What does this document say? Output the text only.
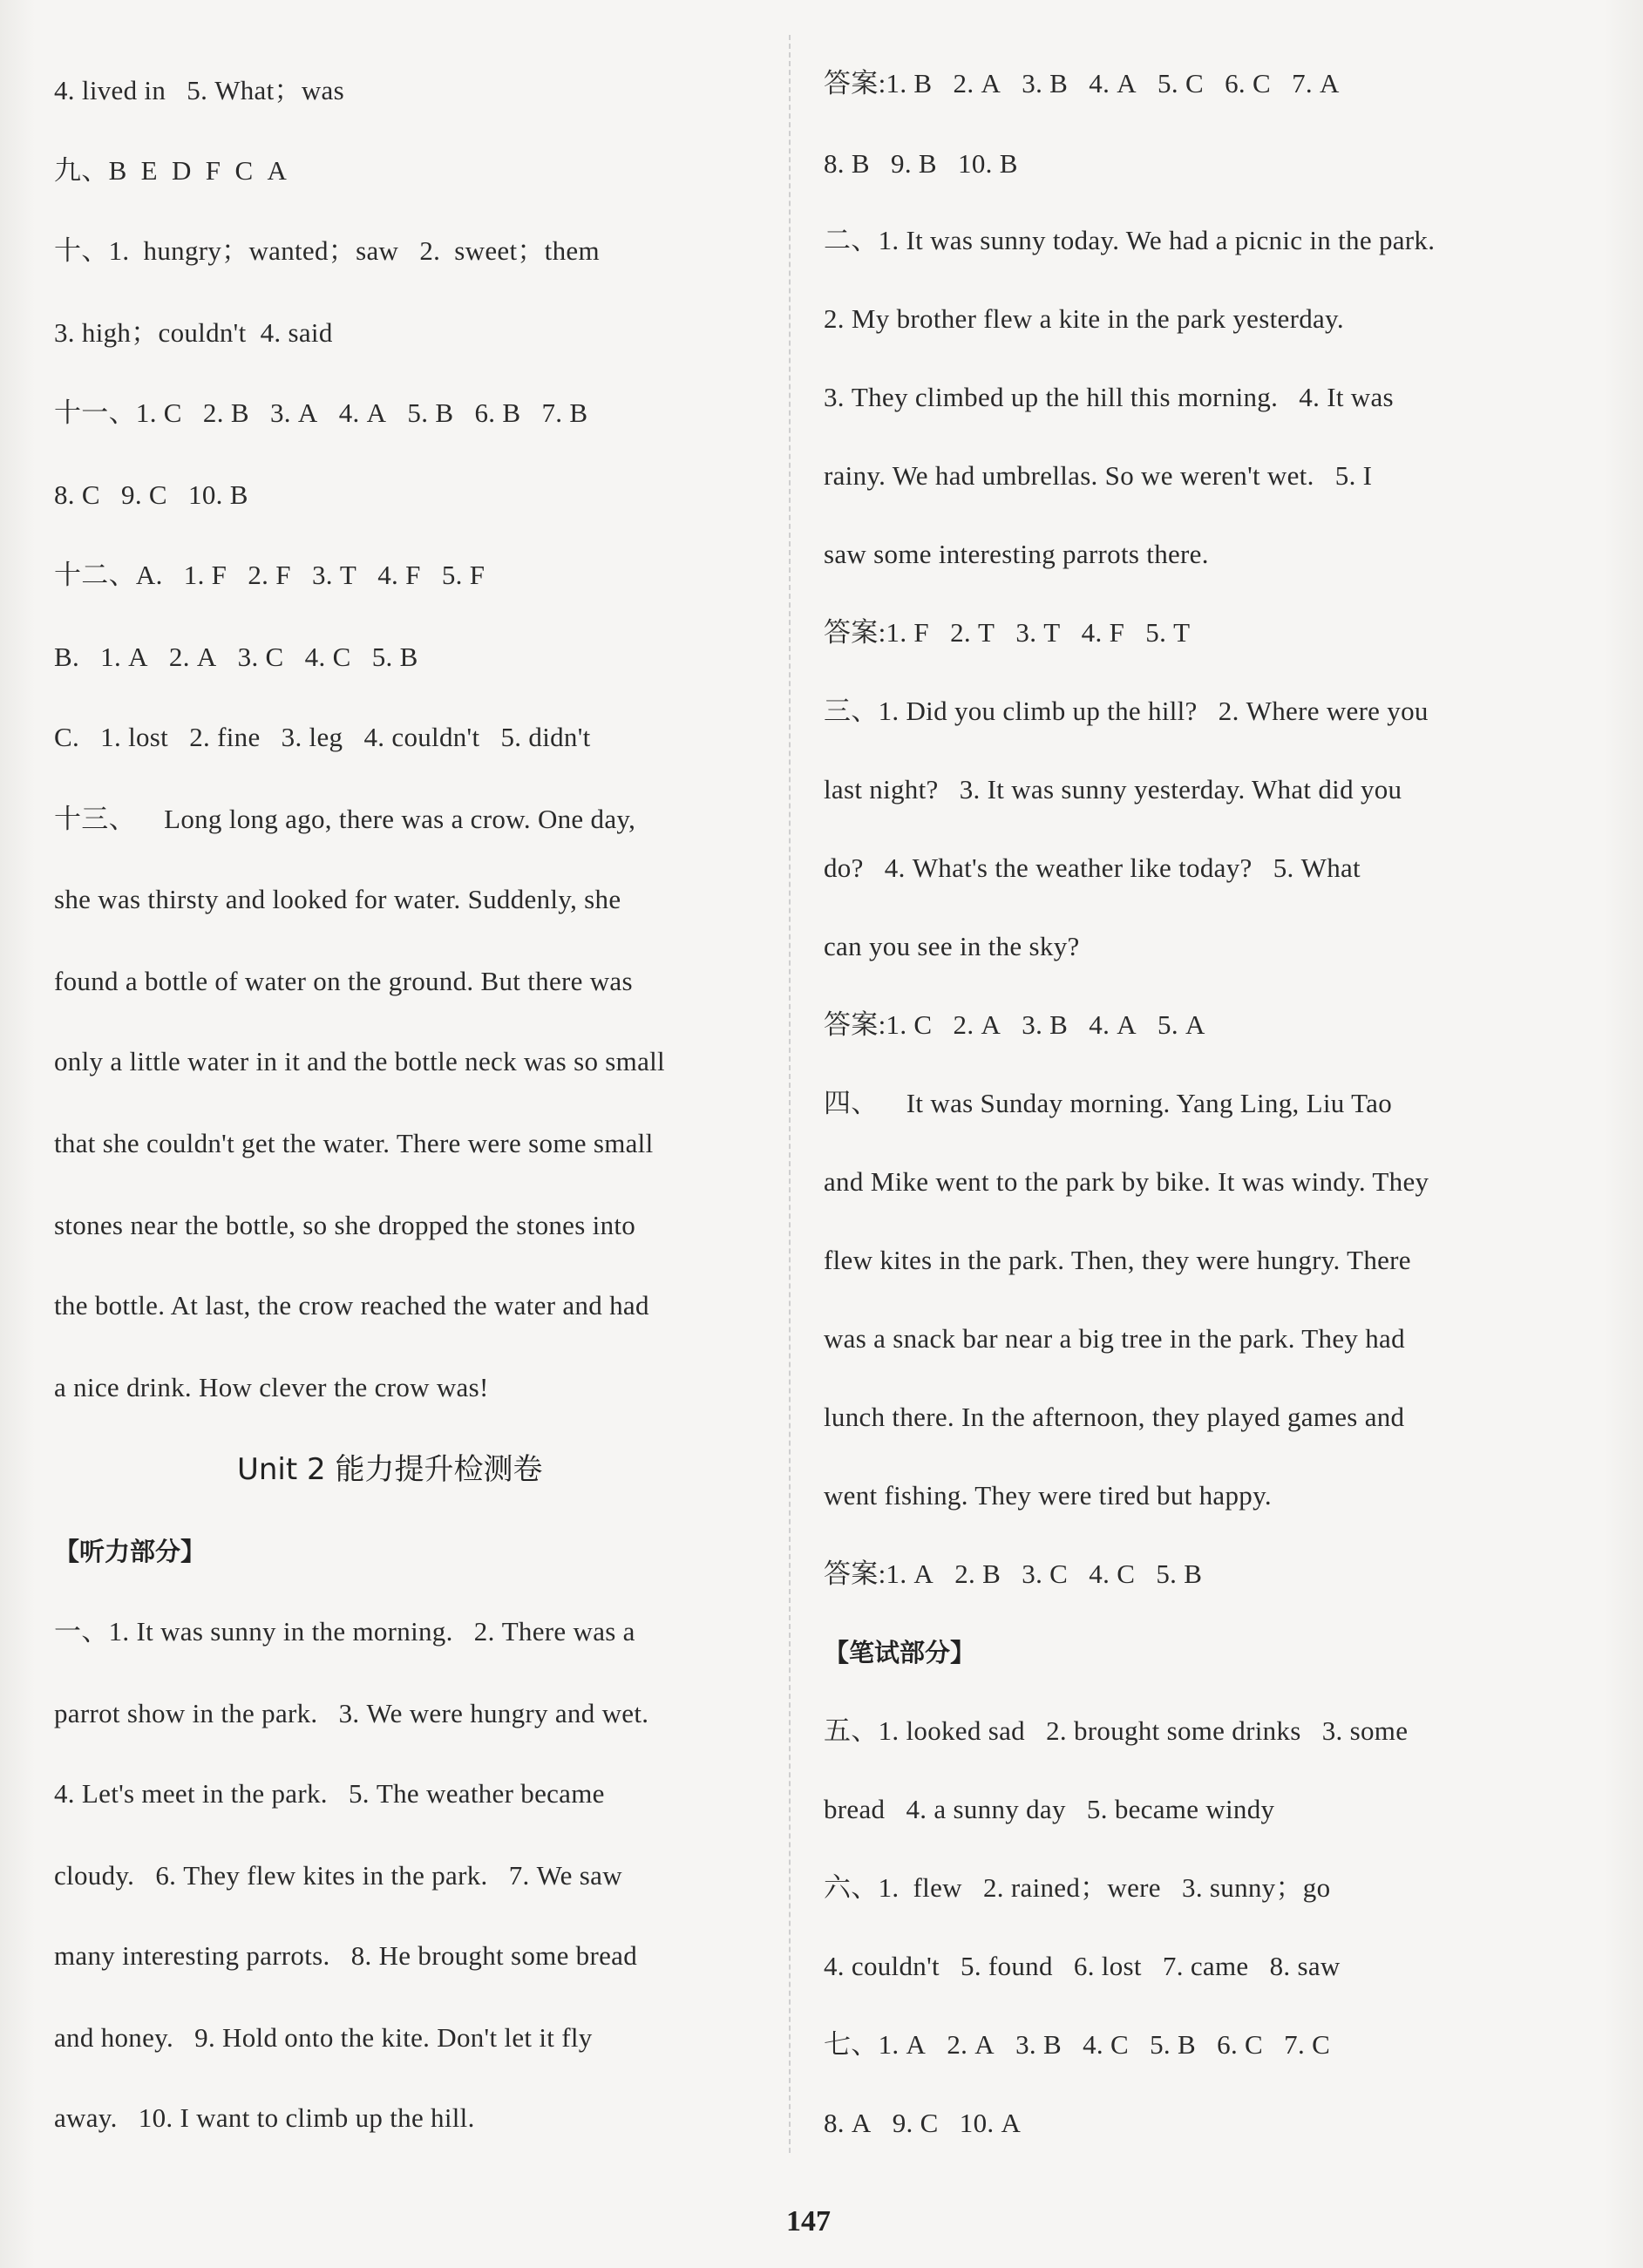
4. lived in   5. What；was
九、B  E  D  F  C  A
十、1.  hungry；wanted；saw   2.  sweet；them
3. high；couldn't  4. said
十一、1. C   2. B   3. A   4. A   5. B   6. B   7. B
8. C   9. C   10. B
十二、A.   1. F   2. F   3. T   4. F   5. F
B.   1. A   2. A   3. C   4. C   5. B
C.   1. lost   2. fine   3. leg   4. couldn't   5. didn't
十三、    Long long ago, there was a crow. One day,
she was thirsty and looked for water. Suddenly, she
found a bottle of water on the ground. But there was
only a little water in it and the bottle neck was so small
that she couldn't get the water. There were some small
stones near the bottle, so she dropped the stones into
the bottle. At last, the crow reached the water and had
a nice drink. How clever the crow was!
Unit 2 能力提升检测卷
【听力部分】
一、1. It was sunny in the morning.   2. There was a
parrot show in the park.   3. We were hungry and wet.
4. Let's meet in the park.   5. The weather became
cloudy.   6. They flew kites in the park.   7. We saw
many interesting parrots.   8. He brought some bread
and honey.   9. Hold onto the kite. Don't let it fly
away.   10. I want to climb up the hill.
答案:1. B   2. A   3. B   4. A   5. C   6. C   7. A
8. B   9. B   10. B
二、1. It was sunny today. We had a picnic in the park.
2. My brother flew a kite in the park yesterday.
3. They climbed up the hill this morning.   4. It was
rainy. We had umbrellas. So we weren't wet.   5. I
saw some interesting parrots there.
答案:1. F   2. T   3. T   4. F   5. T
三、1. Did you climb up the hill?   2. Where were you
last night?   3. It was sunny yesterday. What did you
do?   4. What's the weather like today?   5. What
can you see in the sky?
答案:1. C   2. A   3. B   4. A   5. A
四、    It was Sunday morning. Yang Ling, Liu Tao
and Mike went to the park by bike. It was windy. They
flew kites in the park. Then, they were hungry. There
was a snack bar near a big tree in the park. They had
lunch there. In the afternoon, they played games and
went fishing. They were tired but happy.
答案:1. A   2. B   3. C   4. C   5. B
【笔试部分】
五、1. looked sad   2. brought some drinks   3. some
bread   4. a sunny day   5. became windy
六、1.  flew   2. rained；were   3. sunny；go
4. couldn't   5. found   6. lost   7. came   8. saw
七、1. A   2. A   3. B   4. C   5. B   6. C   7. C
8. A   9. C   10. A
147
